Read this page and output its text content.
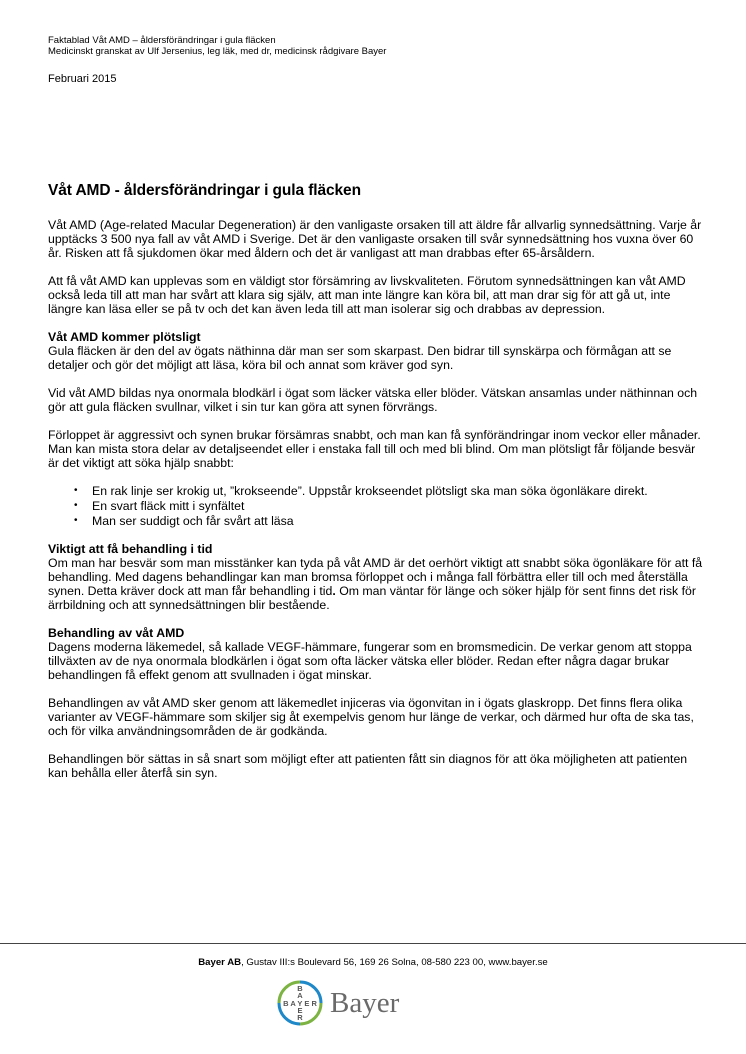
Faktablad Våt AMD – åldersförändringar i gula fläcken
Medicinskt granskat av Ulf Jersenius, leg läk, med dr, medicinsk rådgivare Bayer
Februari 2015
Våt AMD - åldersförändringar i gula fläcken

Våt AMD (Age-related Macular Degeneration) är den vanligaste orsaken till att äldre får allvarlig synnedsättning. Varje år upptäcks 3 500 nya fall av våt AMD i Sverige. Det är den vanligaste orsaken till svår synnedsättning hos vuxna över 60 år. Risken att få sjukdomen ökar med åldern och det är vanligast att man drabbas efter 65-årsåldern.

Att få våt AMD kan upplevas som en väldigt stor försämring av livskvaliteten. Förutom synnedsättningen kan våt AMD också leda till att man har svårt att klara sig själv, att man inte längre kan köra bil, att man drar sig för att gå ut, inte längre kan läsa eller se på tv och det kan även leda till att man isolerar sig och drabbas av depression.

Våt AMD kommer plötsligt

Gula fläcken är den del av ögats näthinna där man ser som skarpast. Den bidrar till synskärpa och förmågan att se detaljer och gör det möjligt att läsa, köra bil och annat som kräver god syn.

Vid våt AMD bildas nya onormala blodkärl i ögat som läcker vätska eller blöder. Vätskan ansamlas under näthinnan och gör att gula fläcken svullnar, vilket i sin tur kan göra att synen förvrängs.

Förloppet är aggressivt och synen brukar försämras snabbt, och man kan få synförändringar inom veckor eller månader. Man kan mista stora delar av detaljseendet eller i enstaka fall till och med bli blind. Om man plötsligt får följande besvär är det viktigt att söka hjälp snabbt:

• En rak linje ser krokig ut, ”krokseende”. Uppstår krokseendet plötsligt ska man söka ögonläkare direkt.
• En svart fläck mitt i synfältet
• Man ser suddigt och får svårt att läsa
Viktigt att få behandling i tid

Om man har besvär som man misstänker kan tyda på våt AMD är det oerhört viktigt att snabbt söka ögonläkare för att få behandling. Med dagens behandlingar kan man bromsa förloppet och i många fall förbättra eller till och med återställa synen. Detta kräver dock att man får behandling i tid. Om man väntar för länge och söker hjälp för sent finns det risk för ärrbildning och att synnedsättningen blir bestående.

Behandling av våt AMD

Dagens moderna läkemedel, så kallade VEGF-hämmare, fungerar som en bromsmedicin. De verkar genom att stoppa tillväxten av de nya onormala blodkärlen i ögat som ofta läcker vätska eller blöder. Redan efter några dagar brukar behandlingen få effekt genom att svullnaden i ögat minskar.

Behandlingen av våt AMD sker genom att läkemedlet injiceras via ögonvitan in i ögats glaskropp. Det finns flera olika varianter av VEGF-hämmare som skiljer sig åt exempelvis genom hur länge de verkar, och därmed hur ofta de ska tas, och för vilka användningsområden de är godkända.

Behandlingen bör sättas in så snart som möjligt efter att patienten fått sin diagnos för att öka möjligheten att patienten kan behålla eller återfå sin syn.

Bayer AB, Gustav III:s Boulevard 56, 169 26 Solna, 08-580 223 00, www.bayer.se
B A Y E R
B
A
E
R Bayer
